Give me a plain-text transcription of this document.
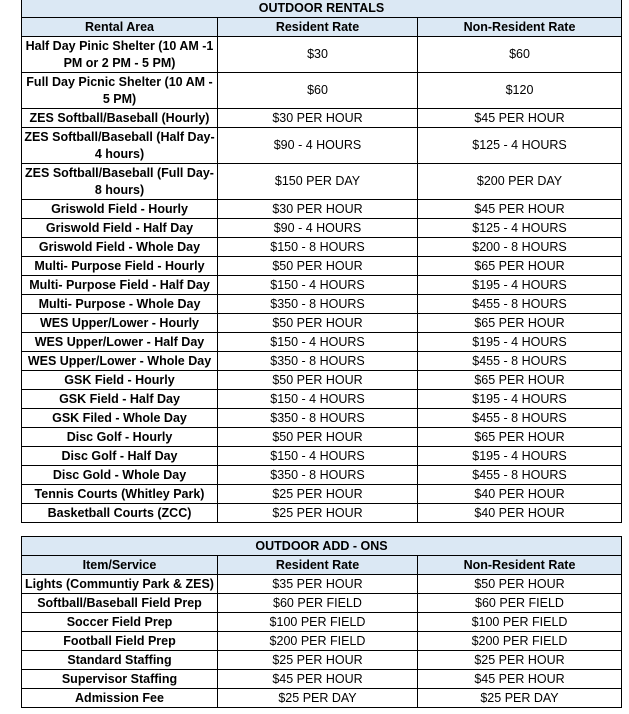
OUTDOOR RENTALS		
Rental Area	Resident Rate	Non-Resident Rate
Half Day Pinic Shelter (10 AM -1 PM or 2 PM - 5 PM)	$30	$60
Full Day Picnic Shelter (10 AM - 5 PM)	$60	$120
ZES Softball/Baseball (Hourly)	$30 PER HOUR	$45 PER HOUR
ZES Softball/Baseball (Half Day- 4 hours)	$90 - 4 HOURS	$125 - 4 HOURS
ZES Softball/Baseball (Full Day- 8 hours)	$150 PER DAY	$200 PER DAY
Griswold Field - Hourly	$30 PER HOUR	$45 PER HOUR
Griswold Field - Half Day	$90 - 4 HOURS	$125 - 4 HOURS
Griswold Field - Whole Day	$150 - 8 HOURS	$200 - 8 HOURS
Multi- Purpose Field - Hourly	$50 PER HOUR	$65 PER HOUR
Multi- Purpose Field - Half Day	$150 - 4 HOURS	$195 - 4 HOURS
Multi- Purpose - Whole Day	$350 - 8 HOURS	$455 - 8 HOURS
WES Upper/Lower - Hourly	$50 PER HOUR	$65 PER HOUR
WES Upper/Lower - Half Day	$150 - 4 HOURS	$195 - 4 HOURS
WES Upper/Lower - Whole Day	$350 - 8 HOURS	$455 - 8 HOURS
GSK Field - Hourly	$50 PER HOUR	$65 PER HOUR
GSK Field - Half Day	$150 - 4 HOURS	$195 - 4 HOURS
GSK Filed - Whole Day	$350 - 8 HOURS	$455 - 8 HOURS
Disc Golf - Hourly	$50 PER HOUR	$65 PER HOUR
Disc Golf - Half Day	$150 - 4 HOURS	$195 - 4 HOURS
Disc Gold - Whole Day	$350 - 8 HOURS	$455 - 8 HOURS
Tennis Courts (Whitley Park)	$25 PER HOUR	$40 PER HOUR
Basketball Courts (ZCC)	$25 PER HOUR	$40 PER HOUR
OUTDOOR ADD - ONS		
Item/Service	Resident Rate	Non-Resident Rate
Lights (Communtiy Park & ZES)	$35 PER HOUR	$50 PER HOUR
Softball/Baseball Field Prep	$60 PER FIELD	$60 PER FIELD
Soccer Field Prep	$100 PER FIELD	$100 PER FIELD
Football Field Prep	$200 PER FIELD	$200 PER FIELD
Standard Staffing	$25 PER HOUR	$25 PER HOUR
Supervisor Staffing	$45 PER HOUR	$45 PER HOUR
Admission Fee	$25 PER DAY	$25 PER DAY
